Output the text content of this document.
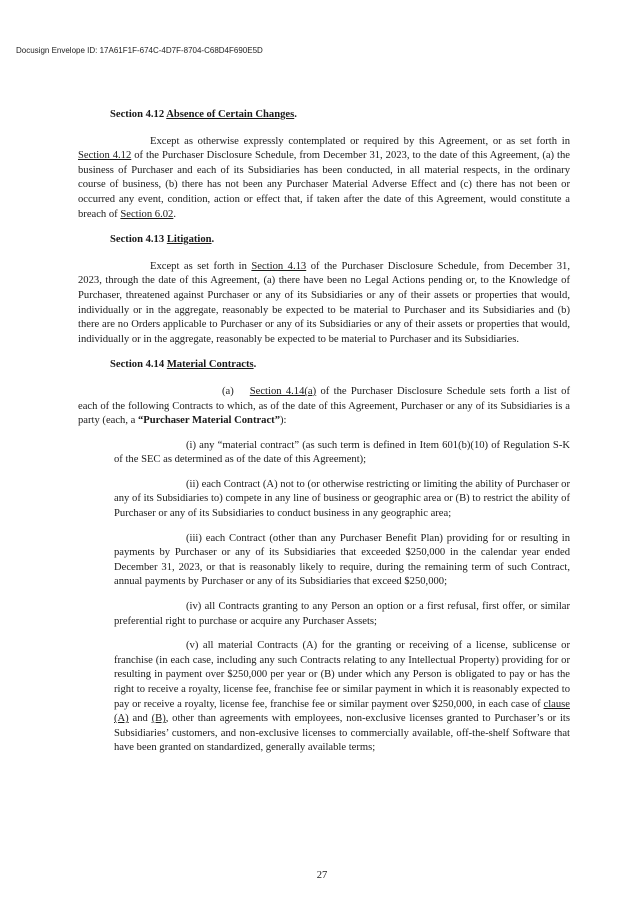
Docusign Envelope ID: 17A61F1F-674C-4D7F-8704-C68D4F690E5D
Section 4.12 Absence of Certain Changes.

Except as otherwise expressly contemplated or required by this Agreement, or as set forth in Section 4.12 of the Purchaser Disclosure Schedule, from December 31, 2023, to the date of this Agreement, (a) the business of Purchaser and each of its Subsidiaries has been conducted, in all material respects, in the ordinary course of business, (b) there has not been any Purchaser Material Adverse Effect and (c) there has not been or occurred any event, condition, action or effect that, if taken after the date of this Agreement, would constitute a breach of Section 6.02.

Section 4.13 Litigation.

Except as set forth in Section 4.13 of the Purchaser Disclosure Schedule, from December 31, 2023, through the date of this Agreement, (a) there have been no Legal Actions pending or, to the Knowledge of Purchaser, threatened against Purchaser or any of its Subsidiaries or any of their assets or properties that would, individually or in the aggregate, reasonably be expected to be material to Purchaser and its Subsidiaries and (b) there are no Orders applicable to Purchaser or any of its Subsidiaries or any of their assets or properties that would, individually or in the aggregate, reasonably be expected to be material to Purchaser and its Subsidiaries.

Section 4.14 Material Contracts.

(a) Section 4.14(a) of the Purchaser Disclosure Schedule sets forth a list of each of the following Contracts to which, as of the date of this Agreement, Purchaser or any of its Subsidiaries is a party (each, a “Purchaser Material Contract”):

(i) any “material contract” (as such term is defined in Item 601(b)(10) of Regulation S-K of the SEC as determined as of the date of this Agreement);

(ii) each Contract (A) not to (or otherwise restricting or limiting the ability of Purchaser or any of its Subsidiaries to) compete in any line of business or geographic area or (B) to restrict the ability of Purchaser or any of its Subsidiaries to conduct business in any geographic area;

(iii) each Contract (other than any Purchaser Benefit Plan) providing for or resulting in payments by Purchaser or any of its Subsidiaries that exceeded $250,000 in the calendar year ended December 31, 2023, or that is reasonably likely to require, during the remaining term of such Contract, annual payments by Purchaser or any of its Subsidiaries that exceed $250,000;

(iv) all Contracts granting to any Person an option or a first refusal, first offer, or similar preferential right to purchase or acquire any Purchaser Assets;

(v) all material Contracts (A) for the granting or receiving of a license, sublicense or franchise (in each case, including any such Contracts relating to any Intellectual Property) providing for or resulting in payment over $250,000 per year or (B) under which any Person is obligated to pay or has the right to receive a royalty, license fee, franchise fee or similar payment in which it is reasonably expected to pay or receive a royalty, license fee, franchise fee or similar payment over $250,000, in each case of clause (A) and (B), other than agreements with employees, non-exclusive licenses granted to Purchaser’s or its Subsidiaries’ customers, and non-exclusive licenses to commercially available, off-the-shelf Software that have been granted on standardized, generally available terms;

27
